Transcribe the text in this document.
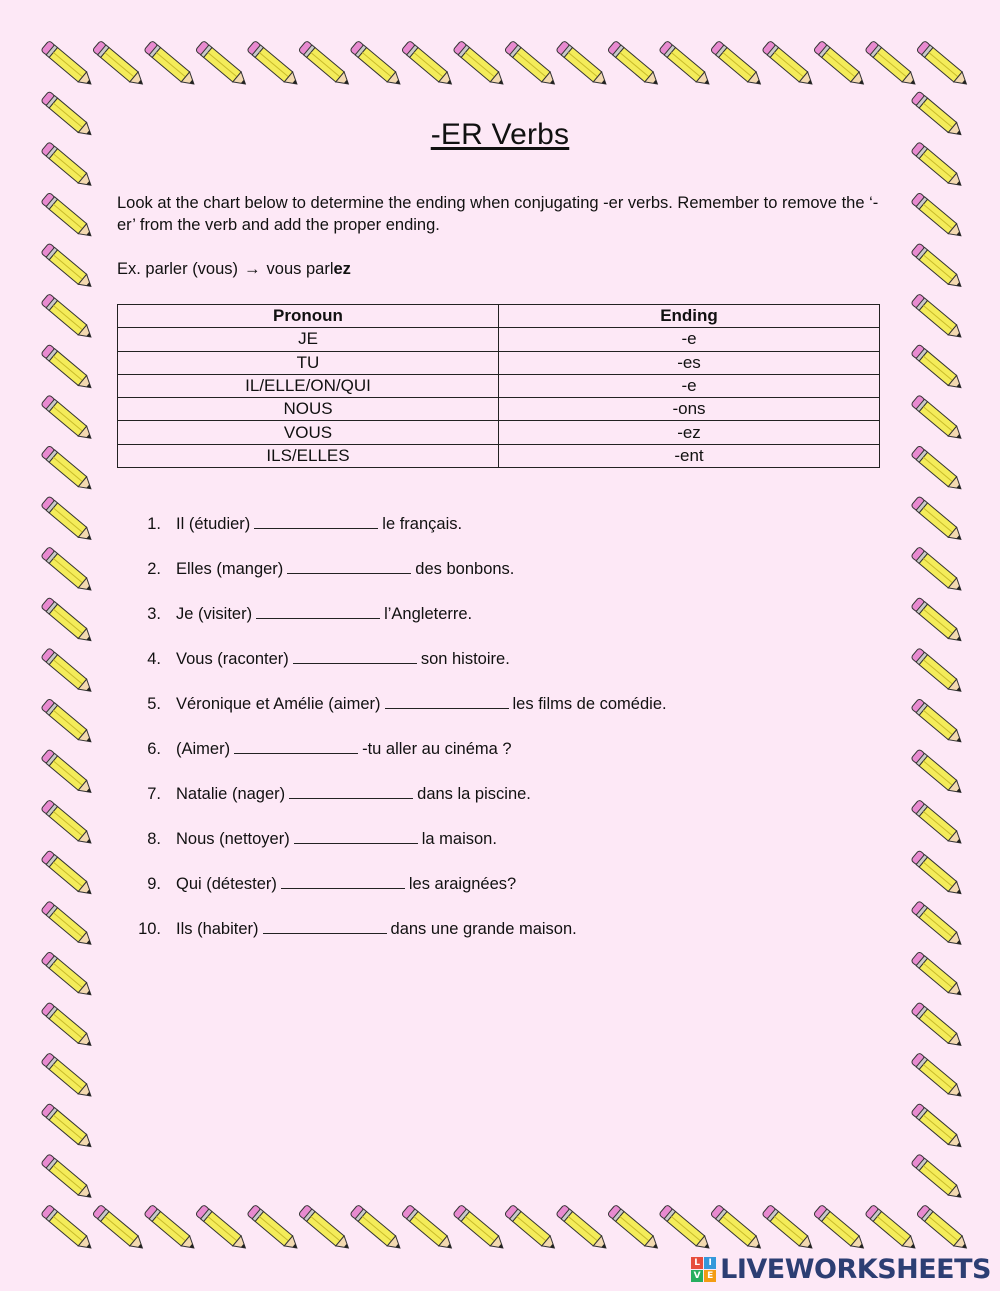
-ER Verbs
Look at the chart below to determine the ending when conjugating -er verbs. Remember to remove the ‘-er’ from the verb and add the proper ending.
Ex. parler (vous) → vous parlez
Pronoun	Ending
JE	-e
TU	-es
IL/ELLE/ON/QUI	-e
NOUS	-ons
VOUS	-ez
ILS/ELLES	-ent
1. Il (étudier)	le français.
2. Elles (manger)	des bonbons.
3. Je (visiter)	l’Angleterre.
4. Vous (raconter)	son histoire.
5. Véronique et Amélie (aimer)	les films de comédie.
6. (Aimer)	-tu aller au cinéma ?
7. Natalie (nager)	dans la piscine.
8. Nous (nettoyer)	la maison.
9. Qui (détester)	les araignées?
10. Ils (habiter)	dans une grande maison.
L I
V E LIVEWORKSHEETS
